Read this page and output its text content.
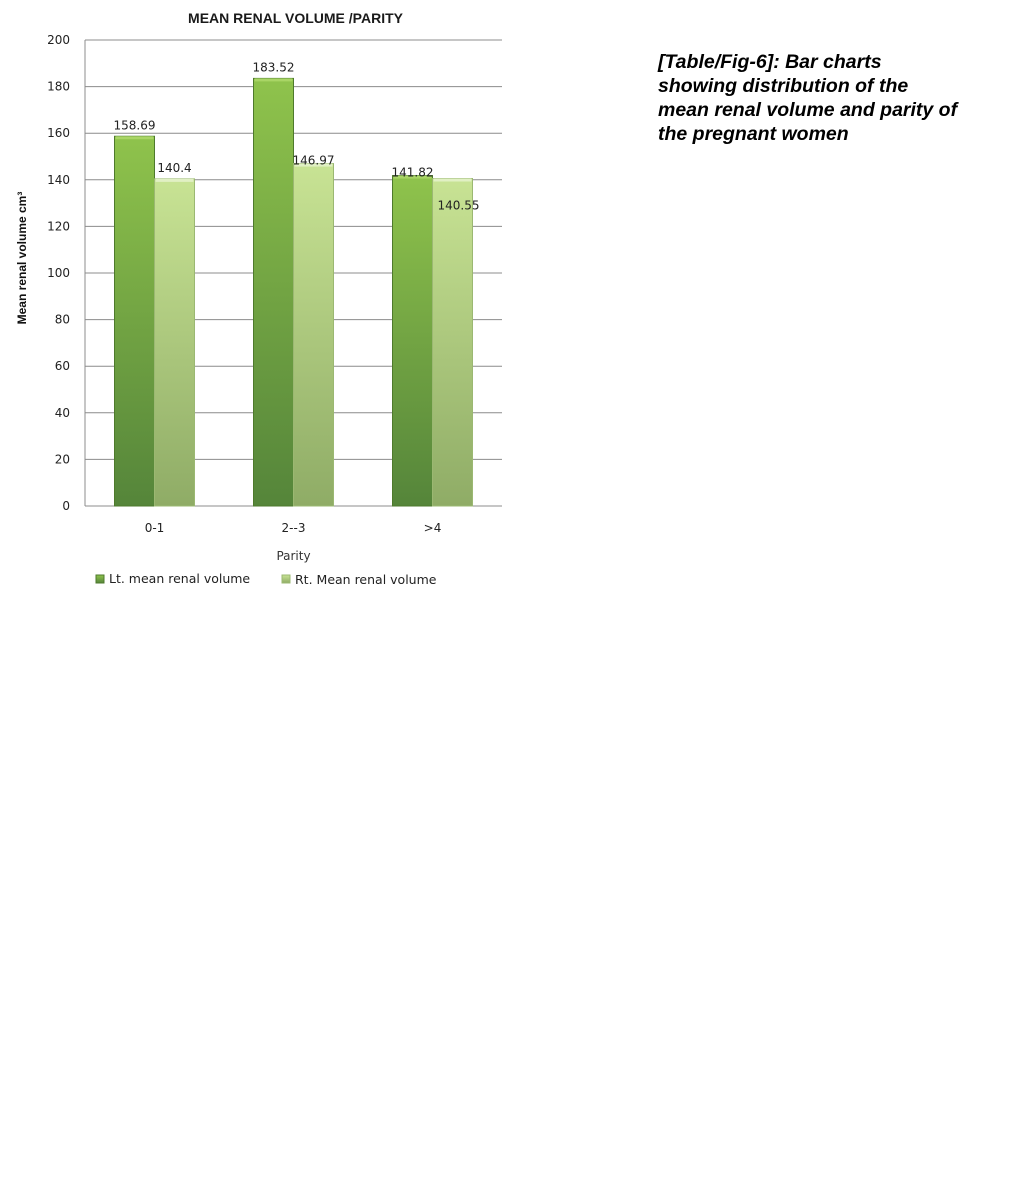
MEAN RENAL VOLUME /PARITY
0
20
40
60
80
100
120
140
160
180
200
158.69
140.4
183.52
146.97
141.82
140.55
0-1	2--3	>4
Mean renal volume cm³
Parity
Lt. mean renal volume	Rt. Mean renal volume
[Table/Fig-6]: Bar charts showing distribution of the mean renal volume and parity of the pregnant women
